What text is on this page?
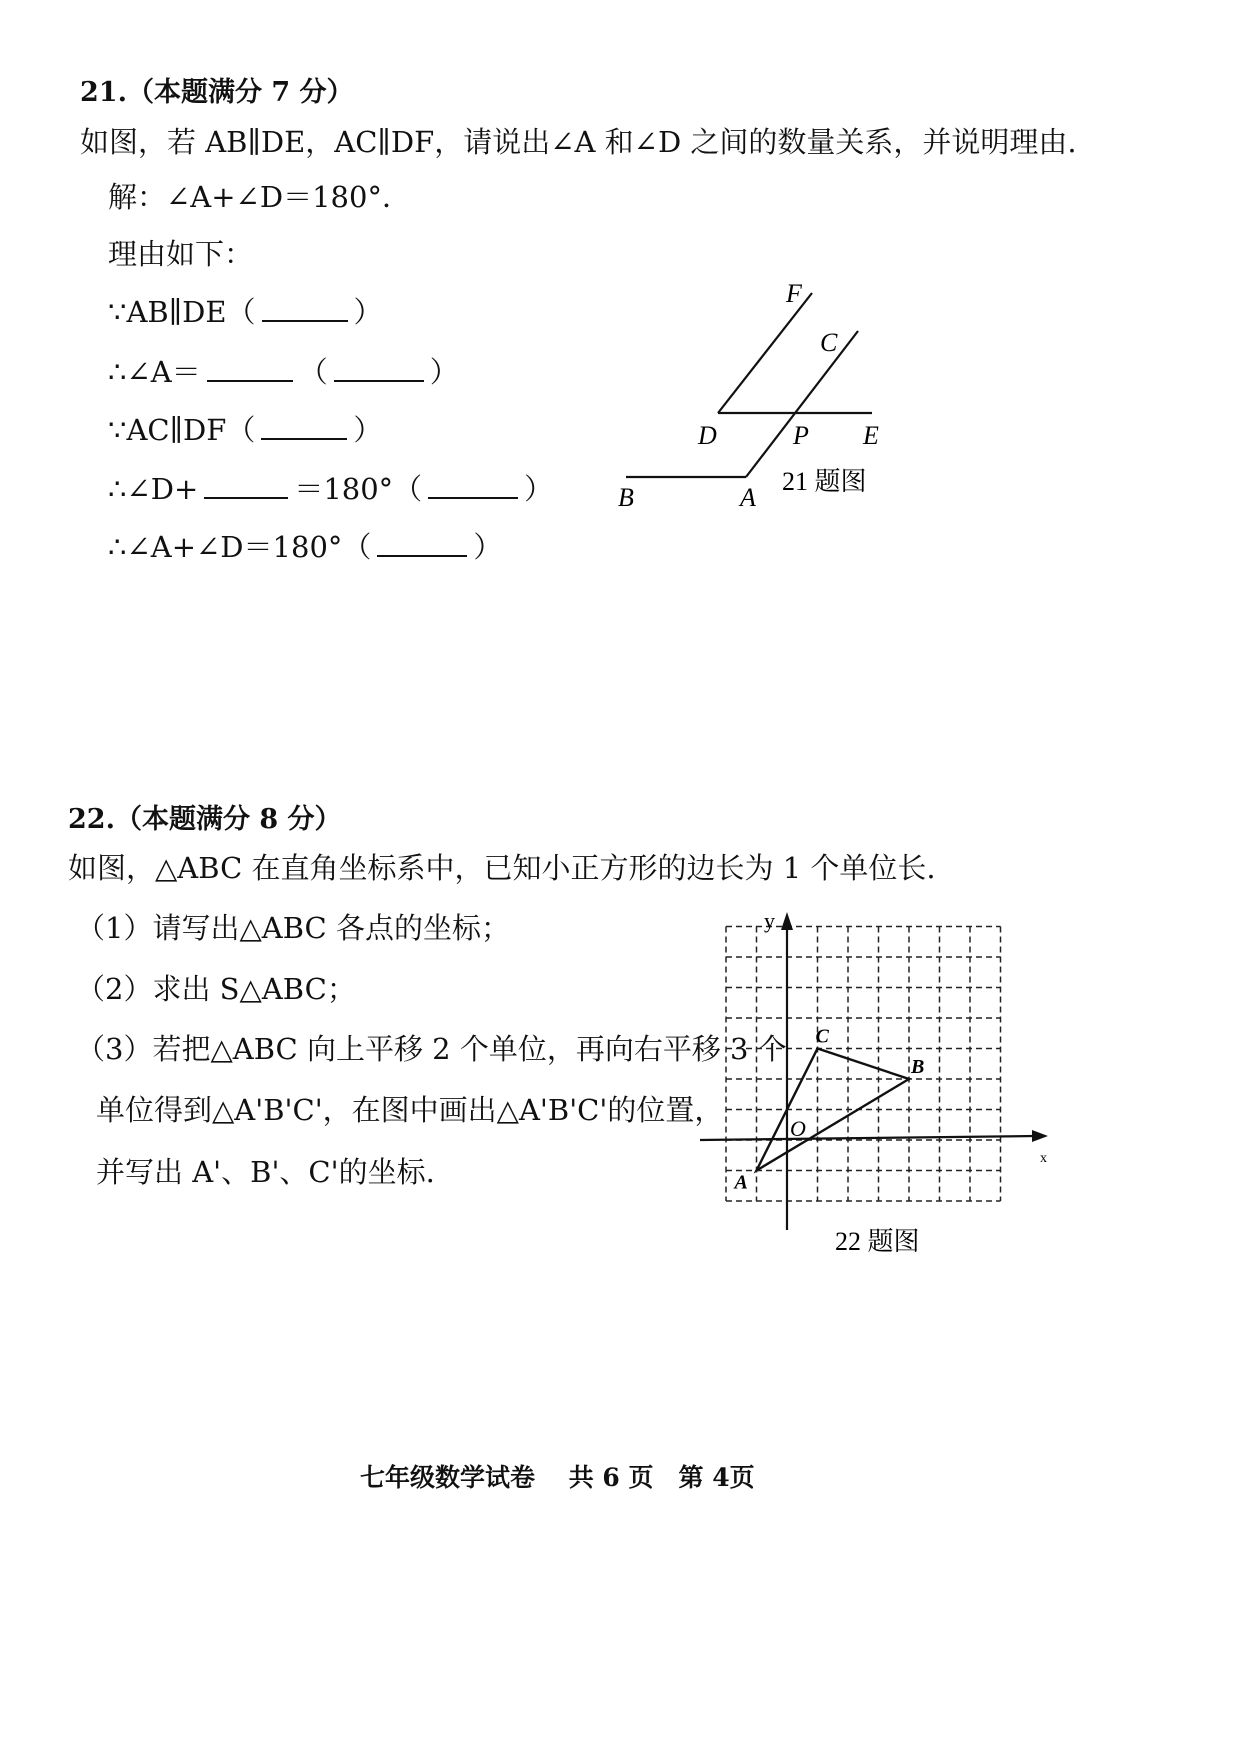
21.（本题满分 7 分）
如图，若 AB∥DE，AC∥DF，请说出∠A 和∠D 之间的数量关系，并说明理由.
解：∠A+∠D＝180°．
理由如下：
∵AB∥DE（	）
∴∠A＝	（	）
∵AC∥DF（	）
∴∠D+	＝180°（	）
∴∠A+∠D＝180°（	）
F
C
D	P E
B	A
21 题图
22.（本题满分 8 分）
如图，△ABC 在直角坐标系中，已知小正方形的边长为 1 个单位长.
（1）请写出△ABC 各点的坐标；
（2）求出 S△ABC；
（3）若把△ABC 向上平移 2 个单位，再向右平移 3 个
单位得到△A'B'C'，在图中画出△A'B'C'的位置，
并写出 A'、B'、C'的坐标.
y
x
O
A
B
C
22 题图
七年级数学试卷　 共 6 页　第 4页
